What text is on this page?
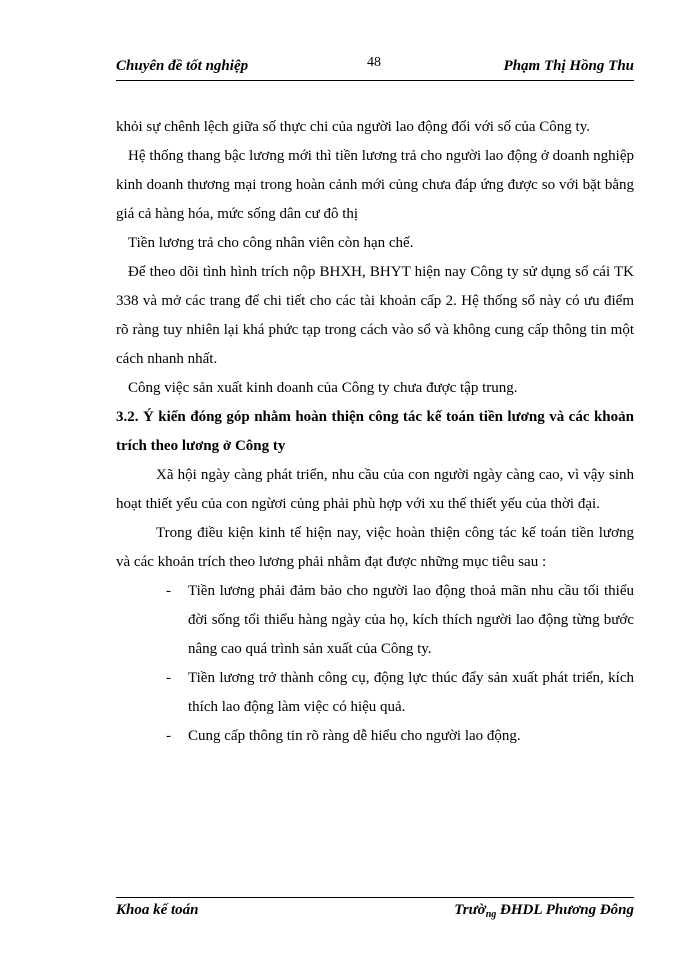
Chuyên đề tốt nghiệp	48	Phạm Thị Hồng Thu

khỏi sự chênh lệch giữa số thực chi của người lao động đối với số của Công ty.

Hệ thống thang bậc lương mới thì tiền lương trả cho người lao động ở doanh nghiệp kinh doanh thương mại trong hoàn cảnh mới củng chưa đáp ứng được so với bặt bằng giá cả hàng hóa, mức sống dân cư đô thị

Tiền lương trả cho công nhân viên còn hạn chế.

Để theo dõi tình hình trích nộp BHXH, BHYT hiện nay Công ty sử dụng sổ cái TK 338 và mở các trang để chi tiết cho các tài khoản cấp 2. Hệ thống sổ này có ưu điểm rõ ràng tuy nhiên lại khá phức tạp trong cách vào sổ và không cung cấp thông tin một cách nhanh nhất.

Công việc sản xuất kinh doanh của Công ty chưa được tập trung.

3.2. Ý kiến đóng góp nhằm hoàn thiện công tác kế toán tiền lương và các khoản trích theo lương ở Công ty

Xã hội ngày càng phát triển, nhu cầu của con người ngày càng cao, vì vậy sinh hoạt thiết yếu của con ngừơi củng phải phù hợp với xu thế thiết yếu của thời đại.

Trong điều kiện kinh tế hiện nay, việc hoàn thiện công tác kế toán tiền lương và các khoản trích theo lương phải nhằm đạt được những mục tiêu sau :

- Tiền lương phải đảm bảo cho người lao động thoả mãn nhu cầu tối thiểu đời sống tối thiểu hàng ngày của họ, kích thích người lao động từng bước nâng cao quá trình sản xuất của Công ty.
- Tiền lương trở thành công cụ, động lực thúc đẩy sản xuất phát triển, kích thích lao động làm việc có hiệu quả.
- Cung cấp thông tin rõ ràng dễ hiểu cho người lao động.
Khoa kế toán	Trườ$_{ng}$ ĐHDL Phương Đông
